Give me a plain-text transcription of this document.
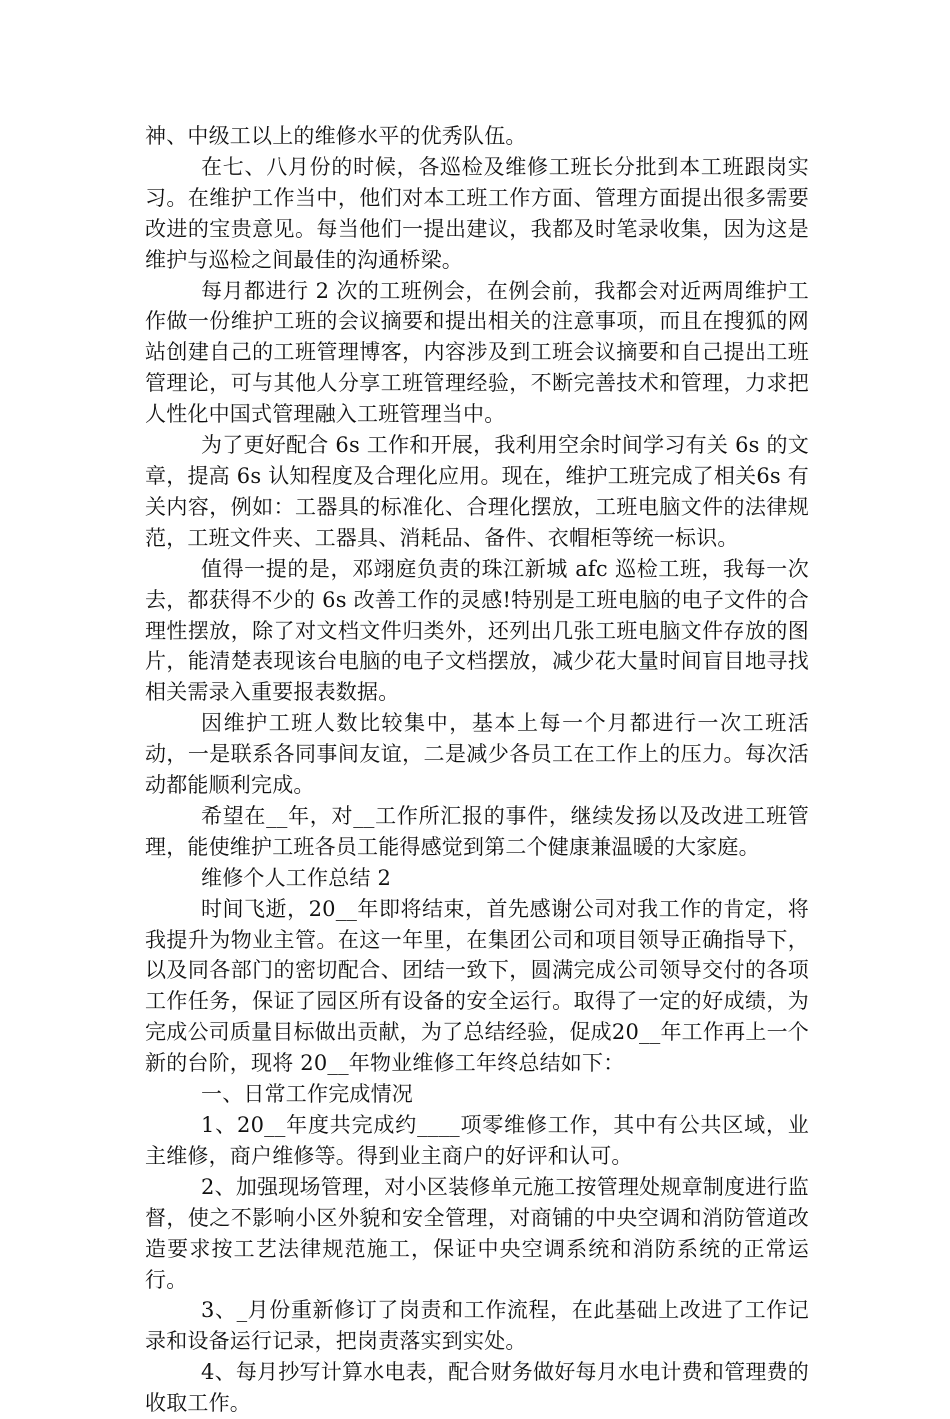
神、中级工以上的维修水平的优秀队伍。

在七、八月份的时候，各巡检及维修工班长分批到本工班跟岗实习。在维护工作当中，他们对本工班工作方面、管理方面提出很多需要改进的宝贵意见。每当他们一提出建议，我都及时笔录收集，因为这是维护与巡检之间最佳的沟通桥梁。

每月都进行 2 次的工班例会，在例会前，我都会对近两周维护工作做一份维护工班的会议摘要和提出相关的注意事项，而且在搜狐的网站创建自己的工班管理博客，内容涉及到工班会议摘要和自己提出工班管理论，可与其他人分享工班管理经验，不断完善技术和管理，力求把人性化中国式管理融入工班管理当中。

为了更好配合 6s 工作和开展，我利用空余时间学习有关 6s 的文章，提高 6s 认知程度及合理化应用。现在，维护工班完成了相关6s 有关内容，例如：工器具的标准化、合理化摆放，工班电脑文件的法律规范，工班文件夹、工器具、消耗品、备件、衣帽柜等统一标识。

值得一提的是，邓翊庭负责的珠江新城 afc 巡检工班，我每一次去，都获得不少的 6s 改善工作的灵感!特别是工班电脑的电子文件的合理性摆放，除了对文档文件归类外，还列出几张工班电脑文件存放的图片，能清楚表现该台电脑的电子文档摆放，减少花大量时间盲目地寻找相关需录入重要报表数据。

因维护工班人数比较集中，基本上每一个月都进行一次工班活动，一是联系各同事间友谊，二是减少各员工在工作上的压力。每次活动都能顺利完成。

希望在__年，对__工作所汇报的事件，继续发扬以及改进工班管理，能使维护工班各员工能得感觉到第二个健康兼温暖的大家庭。

维修个人工作总结 2

时间飞逝，20__年即将结束，首先感谢公司对我工作的肯定，将我提升为物业主管。在这一年里，在集团公司和项目领导正确指导下，以及同各部门的密切配合、团结一致下，圆满完成公司领导交付的各项工作任务，保证了园区所有设备的安全运行。取得了一定的好成绩，为完成公司质量目标做出贡献，为了总结经验，促成20__年工作再上一个新的台阶，现将 20__年物业维修工年终总结如下：

一、日常工作完成情况

1、20__年度共完成约____项零维修工作，其中有公共区域，业主维修，商户维修等。得到业主商户的好评和认可。

2、加强现场管理，对小区装修单元施工按管理处规章制度进行监督，使之不影响小区外貌和安全管理，对商铺的中央空调和消防管道改造要求按工艺法律规范施工，保证中央空调系统和消防系统的正常运行。

3、_月份重新修订了岗责和工作流程，在此基础上改进了工作记录和设备运行记录，把岗责落实到实处。

4、每月抄写计算水电表，配合财务做好每月水电计费和管理费的收取工作。
